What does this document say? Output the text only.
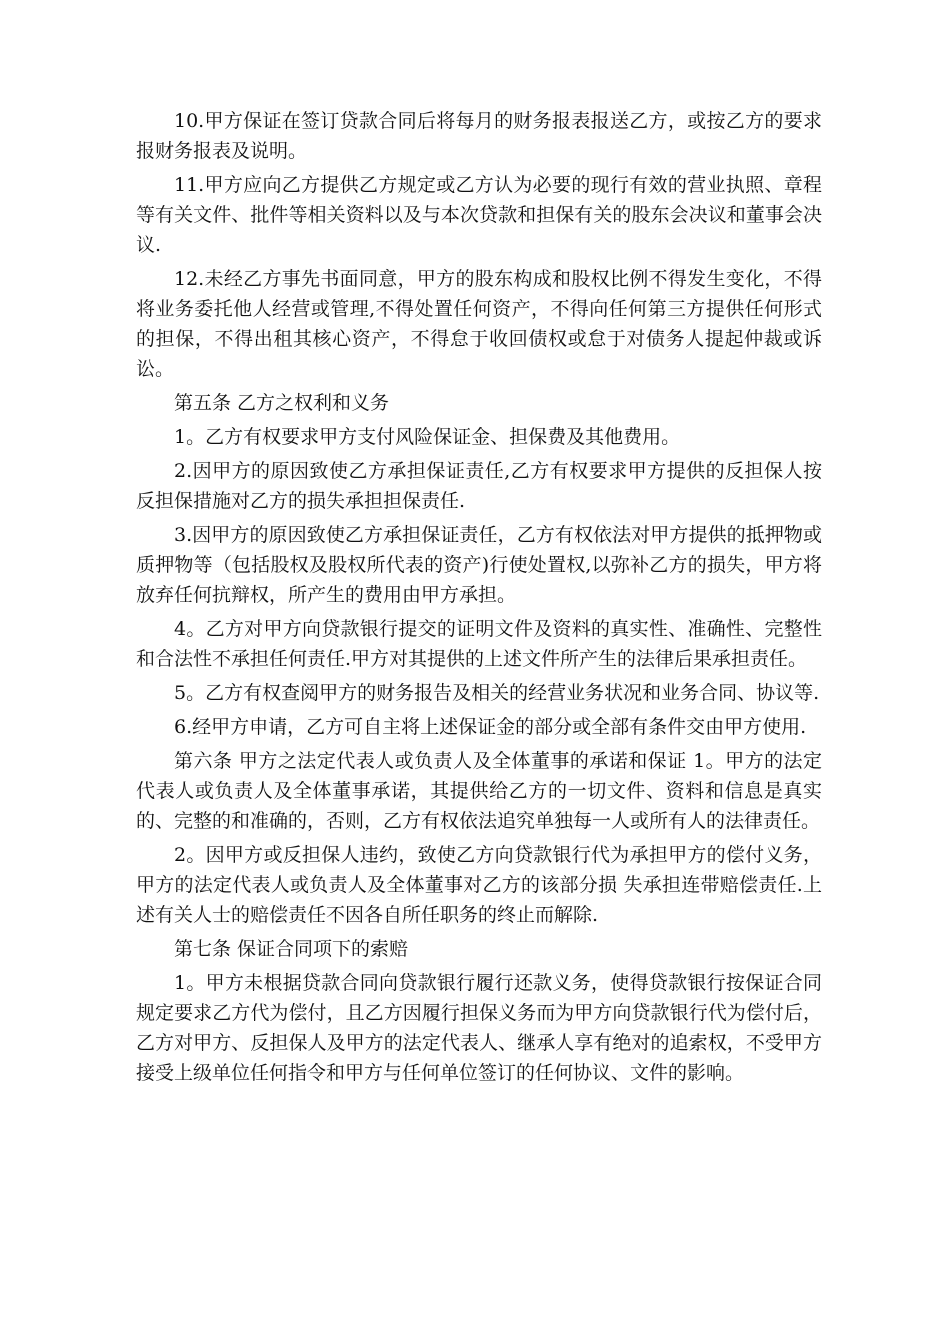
10.甲方保证在签订贷款合同后将每月的财务报表报送乙方，或按乙方的要求报财务报表及说明。

11.甲方应向乙方提供乙方规定或乙方认为必要的现行有效的营业执照、章程等有关文件、批件等相关资料以及与本次贷款和担保有关的股东会决议和董事会决议.

12.未经乙方事先书面同意，甲方的股东构成和股权比例不得发生变化，不得将业务委托他人经营或管理,不得处置任何资产，不得向任何第三方提供任何形式的担保，不得出租其核心资产，不得怠于收回债权或怠于对债务人提起仲裁或诉讼。

第五条 乙方之权利和义务

1。乙方有权要求甲方支付风险保证金、担保费及其他费用。

2.因甲方的原因致使乙方承担保证责任,乙方有权要求甲方提供的反担保人按反担保措施对乙方的损失承担担保责任.

3.因甲方的原因致使乙方承担保证责任，乙方有权依法对甲方提供的抵押物或质押物等（包括股权及股权所代表的资产)行使处置权,以弥补乙方的损失，甲方将放弃任何抗辩权，所产生的费用由甲方承担。

4。乙方对甲方向贷款银行提交的证明文件及资料的真实性、准确性、完整性和合法性不承担任何责任.甲方对其提供的上述文件所产生的法律后果承担责任。

5。乙方有权查阅甲方的财务报告及相关的经营业务状况和业务合同、协议等.

6.经甲方申请，乙方可自主将上述保证金的部分或全部有条件交由甲方使用.

第六条 甲方之法定代表人或负责人及全体董事的承诺和保证 1。甲方的法定代表人或负责人及全体董事承诺，其提供给乙方的一切文件、资料和信息是真实的、完整的和准确的，否则，乙方有权依法追究单独每一人或所有人的法律责任。

2。因甲方或反担保人违约，致使乙方向贷款银行代为承担甲方的偿付义务，甲方的法定代表人或负责人及全体董事对乙方的该部分损 失承担连带赔偿责任.上述有关人士的赔偿责任不因各自所任职务的终止而解除.

第七条 保证合同项下的索赔

1。甲方未根据贷款合同向贷款银行履行还款义务，使得贷款银行按保证合同规定要求乙方代为偿付，且乙方因履行担保义务而为甲方向贷款银行代为偿付后，乙方对甲方、反担保人及甲方的法定代表人、继承人享有绝对的追索权，不受甲方接受上级单位任何指令和甲方与任何单位签订的任何协议、文件的影响。
